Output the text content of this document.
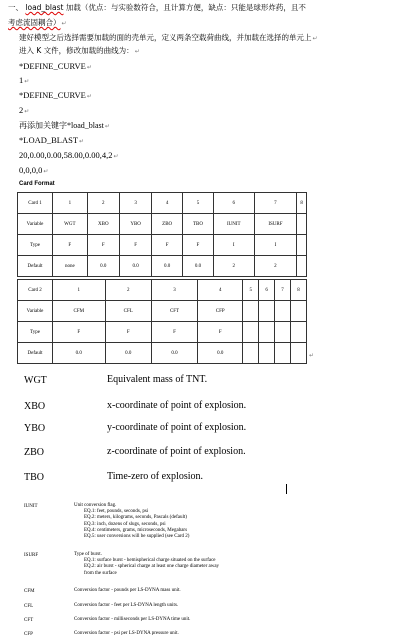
一、 load_blast 加载（优点：与实验数符合，且计算方便，缺点：只能是球形炸药，且不
考虑流固耦合）↵
建好模型之后选择需要加载的面的壳单元，定义两条空载荷曲线，并加载在选择的单元上↵
进入 K 文件，修改加载的曲线为：↵
*DEFINE_CURVE↵
1↵
*DEFINE_CURVE↵
2↵
再添加关键字*load_blast↵
*LOAD_BLAST↵
20,0.00,0.00,58.00,0.00,4,2↵
0,0,0,0↵
Card Format
Card 1	1	2	3	4	5	6	7	8
Variable	WGT	XBO	YBO	ZBO	TBO	IUNIT	ISURF	
Type	F	F	F	F	F	I	I	
Default	none	0.0	0.0	0.0	0.0	2	2	
Card 2	1	2	3	4	5	6	7	8
Variable	CFM	CFL	CFT	CFP				
Type	F	F	F	F				
Default	0.0	0.0	0.0	0.0					↵
WGT	Equivalent mass of TNT.
XBO	x-coordinate of point of explosion.
YBO	y-coordinate of point of explosion.
ZBO	z-coordinate of point of explosion.
TBO	Time-zero of explosion.
IUNIT	Unit conversion flag.
EQ.1: feet, pounds, seconds, psi
EQ.2: meters, kilograms, seconds, Pascals (default)
EQ.3: inch, dozens of slugs, seconds, psi
EQ.4: centimeters, grams, microseconds, Megabars
EQ.5: user conversions will be supplied (see Card 2)
ISURF	Type of burst.
EQ.1: surface burst - hemispherical charge situated on the surface
EQ.2: air burst - spherical charge at least one charge diameter away
from the surface
CFM	Conversion factor - pounds per LS-DYNA mass unit.
CFL	Conversion factor - feet per LS-DYNA length units.
CFT	Conversion factor - milliseconds per LS-DYNA time unit.
CFP	Conversion factor - psi per LS-DYNA pressure unit.
